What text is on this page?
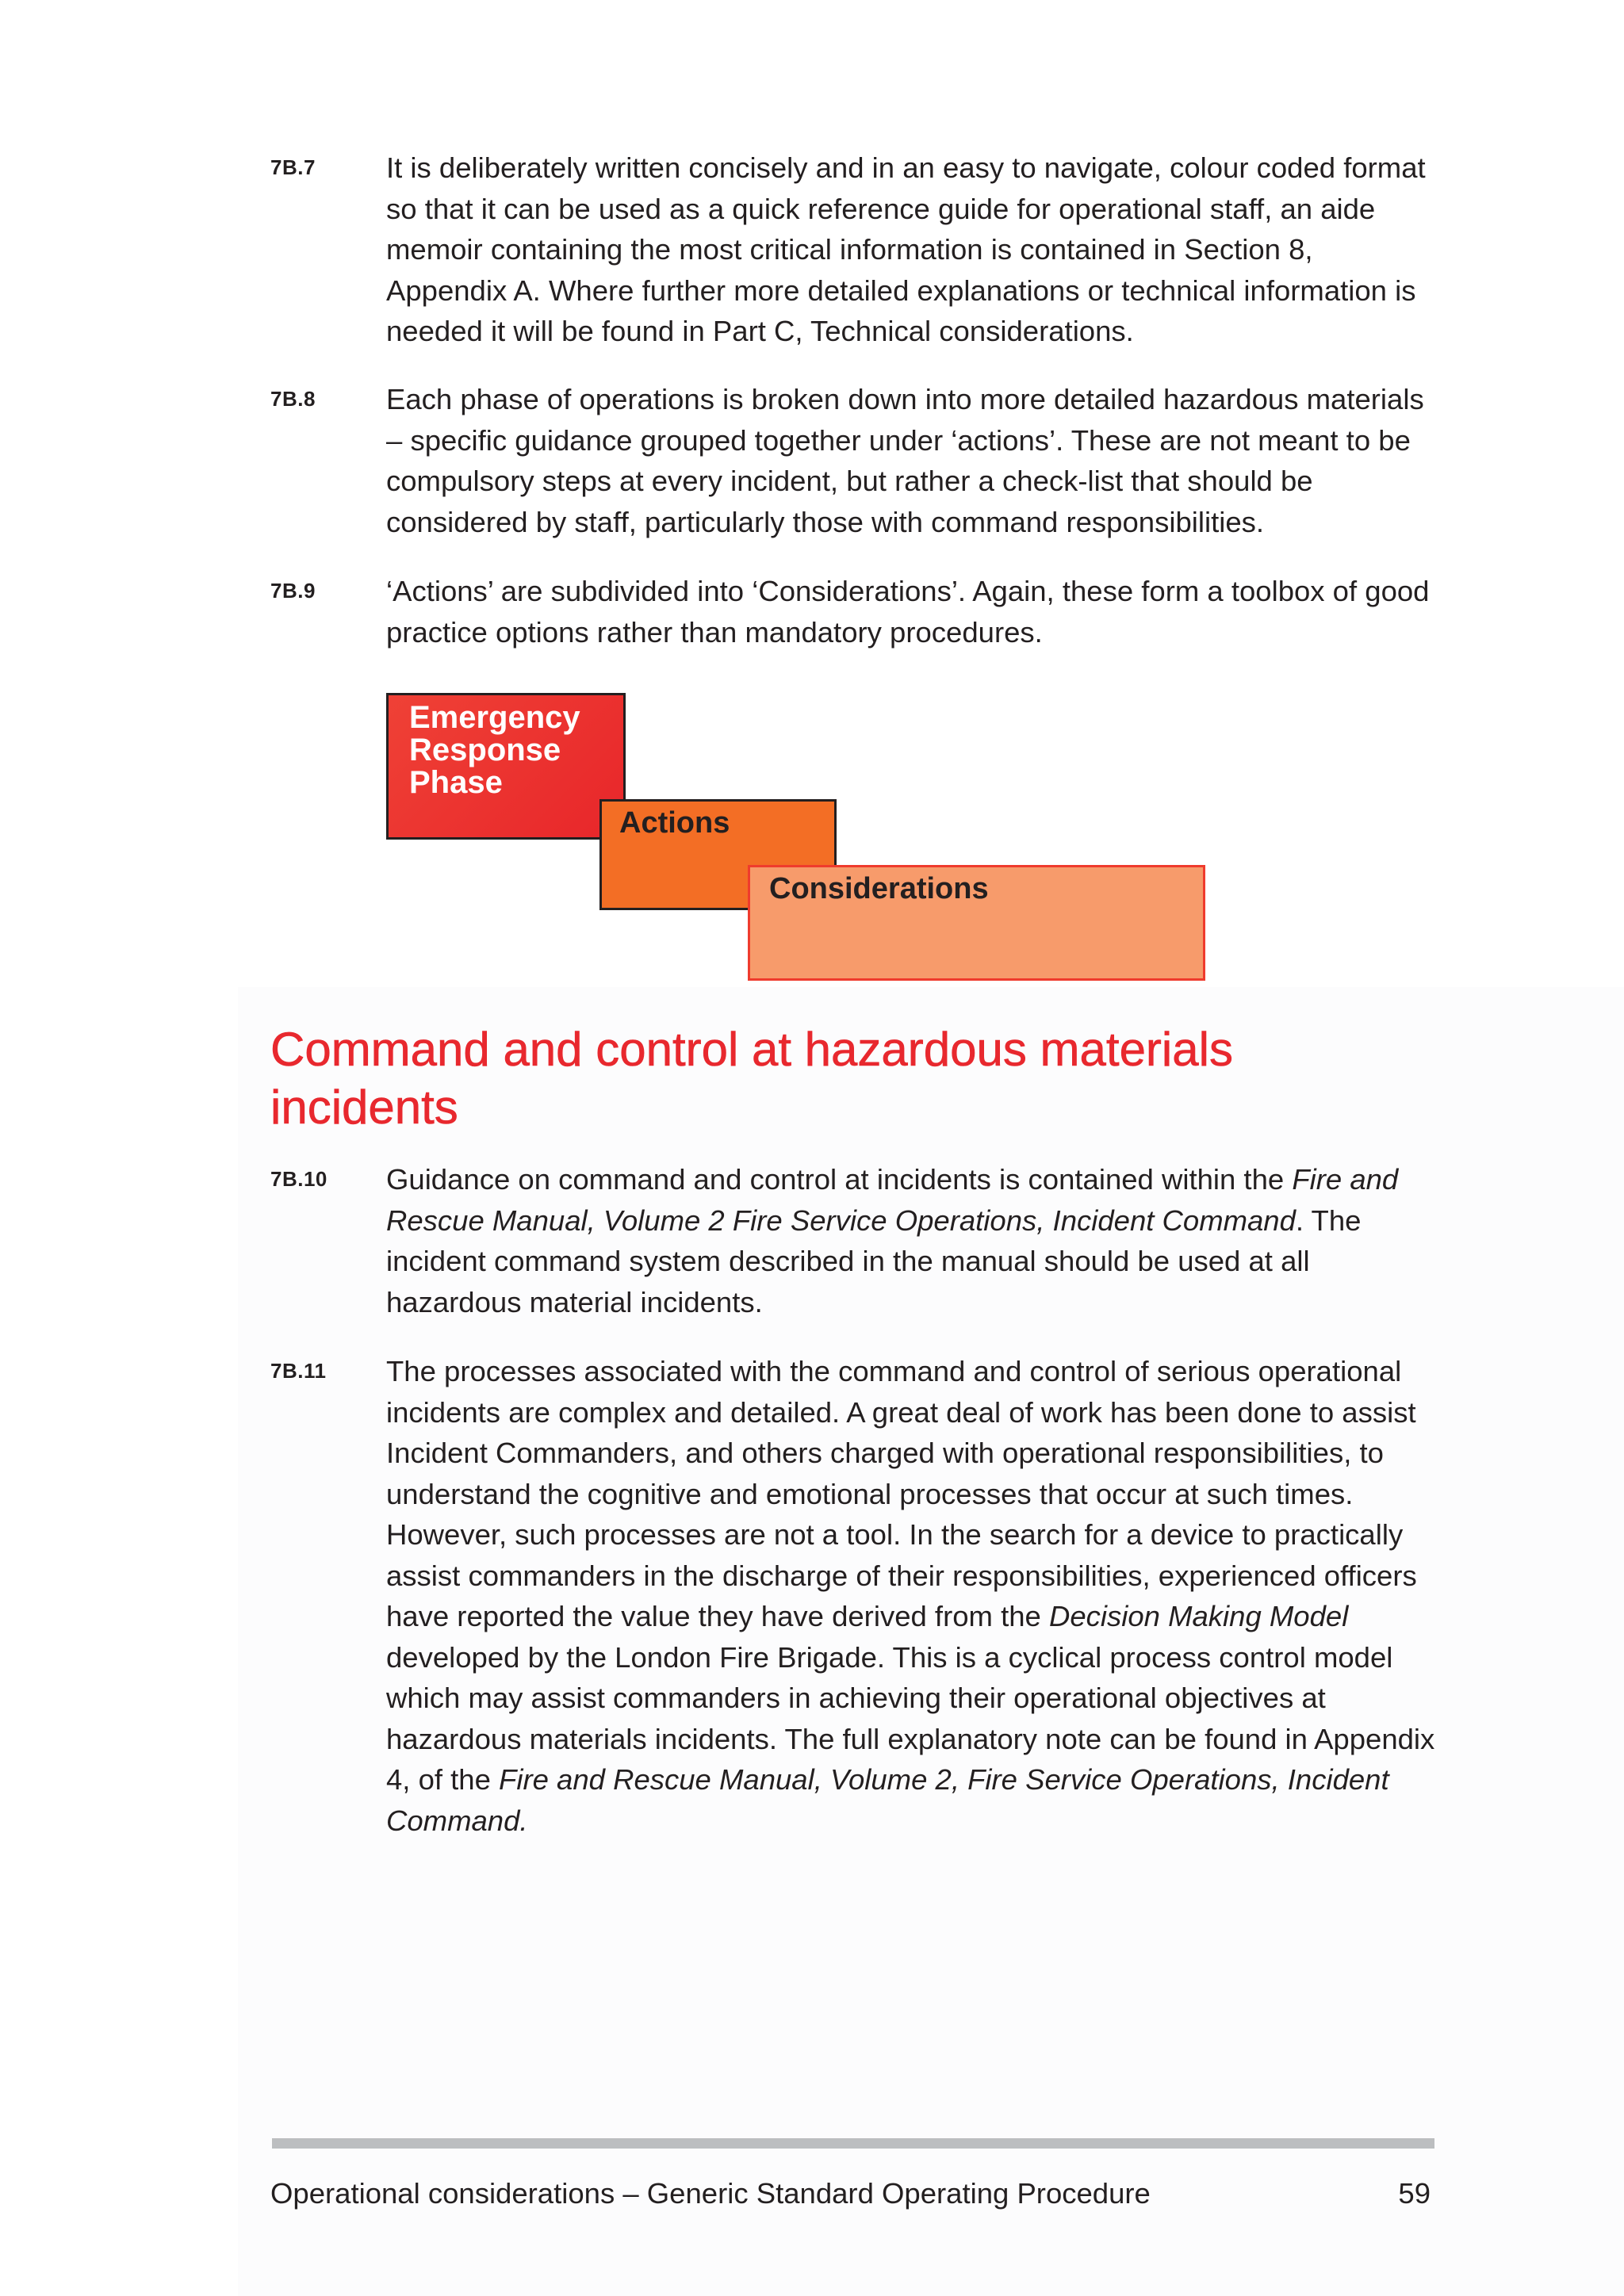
7B.7 It is deliberately written concisely and in an easy to navigate, colour coded format so that it can be used as a quick reference guide for operational staff, an aide memoir containing the most critical information is contained in Section 8, Appendix A. Where further more detailed explanations or technical information is needed it will be found in Part C, Technical considerations.
7B.8 Each phase of operations is broken down into more detailed hazardous materials – specific guidance grouped together under ‘actions’. These are not meant to be compulsory steps at every incident, but rather a check-list that should be considered by staff, particularly those with command responsibilities.
7B.9 ‘Actions’ are subdivided into ‘Considerations’. Again, these form a toolbox of good practice options rather than mandatory procedures.
Emergency
Response
Phase
Actions
Considerations
Command and control at hazardous materials
incidents
7B.10 Guidance on command and control at incidents is contained within the Fire and Rescue Manual, Volume 2 Fire Service Operations, Incident Command. The incident command system described in the manual should be used at all hazardous material incidents.
7B.11 The processes associated with the command and control of serious operational incidents are complex and detailed. A great deal of work has been done to assist Incident Commanders, and others charged with operational responsibilities, to understand the cognitive and emotional processes that occur at such times. However, such processes are not a tool. In the search for a device to practically assist commanders in the discharge of their responsibilities, experienced officers have reported the value they have derived from the Decision Making Model developed by the London Fire Brigade. This is a cyclical process control model which may assist commanders in achieving their operational objectives at hazardous materials incidents. The full explanatory note can be found in Appendix 4, of the Fire and Rescue Manual, Volume 2, Fire Service Operations, Incident Command.
Operational considerations – Generic Standard Operating Procedure	59
